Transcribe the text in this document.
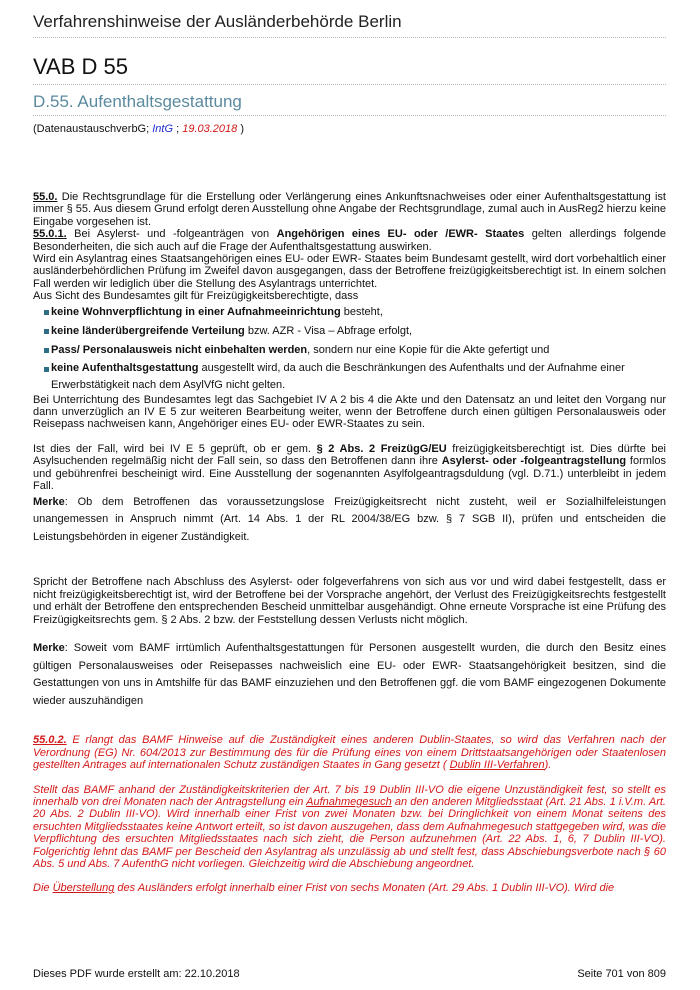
Verfahrenshinweise der Ausländerbehörde Berlin
VAB D 55
D.55. Aufenthaltsgestattung
(DatenaustauschverbG; IntG ; 19.03.2018 )

55.0. Die Rechtsgrundlage für die Erstellung oder Verlängerung eines Ankunftsnachweises oder einer Aufenthaltsgestattung ist immer § 55. Aus diesem Grund erfolgt deren Ausstellung ohne Angabe der Rechtsgrundlage, zumal auch in AusReg2 hierzu keine Eingabe vorgesehen ist.

55.0.1. Bei Asylerst- und -folgeanträgen von Angehörigen eines EU- oder /EWR- Staates gelten allerdings folgende Besonderheiten, die sich auch auf die Frage der Aufenthaltsgestattung auswirken.

Wird ein Asylantrag eines Staatsangehörigen eines EU- oder EWR- Staates beim Bundesamt gestellt, wird dort vorbehaltlich einer ausländerbehördlichen Prüfung im Zweifel davon ausgegangen, dass der Betroffene freizügigkeitsberechtigt ist. In einem solchen Fall werden wir lediglich über die Stellung des Asylantrags unterrichtet.

Aus Sicht des Bundesamtes gilt für Freizügigkeitsberechtigte, dass

keine Wohnverpflichtung in einer Aufnahmeeinrichtung besteht,
keine länderübergreifende Verteilung bzw. AZR - Visa – Abfrage erfolgt,
Pass/ Personalausweis nicht einbehalten werden, sondern nur eine Kopie für die Akte gefertigt und
keine Aufenthaltsgestattung ausgestellt wird, da auch die Beschränkungen des Aufenthalts und der Aufnahme einer Erwerbstätigkeit nach dem AsylVfG nicht gelten.

Bei Unterrichtung des Bundesamtes legt das Sachgebiet IV A 2 bis 4 die Akte und den Datensatz an und leitet den Vorgang nur dann unverzüglich an IV E 5 zur weiteren Bearbeitung weiter, wenn der Betroffene durch einen gültigen Personalausweis oder Reisepass nachweisen kann, Angehöriger eines EU- oder EWR-Staates zu sein.

Ist dies der Fall, wird bei IV E 5 geprüft, ob er gem. § 2 Abs. 2 FreizügG/EU freizügigkeitsberechtigt ist. Dies dürfte bei Asylsuchenden regelmäßig nicht der Fall sein, so dass den Betroffenen dann ihre Asylerst- oder -folgeantragstellung formlos und gebührenfrei bescheinigt wird. Eine Ausstellung der sogenannten Asylfolgeantragsduldung (vgl. D.71.) unterbleibt in jedem Fall.

Merke: Ob dem Betroffenen das voraussetzungslose Freizügigkeitsrecht nicht zusteht, weil er Sozialhilfeleistungen unangemessen in Anspruch nimmt (Art. 14 Abs. 1 der RL 2004/38/EG bzw. § 7 SGB II), prüfen und entscheiden die Leistungsbehörden in eigener Zuständigkeit.

Spricht der Betroffene nach Abschluss des Asylerst- oder folgeverfahrens von sich aus vor und wird dabei festgestellt, dass er nicht freizügigkeitsberechtigt ist, wird der Betroffene bei der Vorsprache angehört, der Verlust des Freizügigkeitsrechts festgestellt und erhält der Betroffene den entsprechenden Bescheid unmittelbar ausgehändigt. Ohne erneute Vorsprache ist eine Prüfung des Freizügigkeitsrechts gem. § 2 Abs. 2 bzw. der Feststellung dessen Verlusts nicht möglich.

Merke: Soweit vom BAMF irrtümlich Aufenthaltsgestattungen für Personen ausgestellt wurden, die durch den Besitz eines gültigen Personalausweises oder Reisepasses nachweislich eine EU- oder EWR- Staatsangehörigkeit besitzen, sind die Gestattungen von uns in Amtshilfe für das BAMF einzuziehen und den Betroffenen ggf. die vom BAMF eingezogenen Dokumente wieder auszuhändigen

55.0.2. E rlangt das BAMF Hinweise auf die Zuständigkeit eines anderen Dublin-Staates, so wird das Verfahren nach der Verordnung (EG) Nr. 604/2013 zur Bestimmung des für die Prüfung eines von einem Drittstaatsangehörigen oder Staatenlosen gestellten Antrages auf internationalen Schutz zuständigen Staates in Gang gesetzt ( Dublin III-Verfahren).

Stellt das BAMF anhand der Zuständigkeitskriterien der Art. 7 bis 19 Dublin III-VO die eigene Unzuständigkeit fest, so stellt es innerhalb von drei Monaten nach der Antragstellung ein Aufnahmegesuch an den anderen Mitgliedsstaat (Art. 21 Abs. 1 i.V.m. Art. 20 Abs. 2 Dublin III-VO). Wird innerhalb einer Frist von zwei Monaten bzw. bei Dringlichkeit von einem Monat seitens des ersuchten Mitgliedsstaates keine Antwort erteilt, so ist davon auszugehen, dass dem Aufnahmegesuch stattgegeben wird, was die Verpflichtung des ersuchten Mitgliedsstaates nach sich zieht, die Person aufzunehmen (Art. 22 Abs. 1, 6, 7 Dublin III-VO). Folgerichtig lehnt das BAMF per Bescheid den Asylantrag als unzulässig ab und stellt fest, dass Abschiebungsverbote nach § 60 Abs. 5 und Abs. 7 AufenthG nicht vorliegen. Gleichzeitig wird die Abschiebung angeordnet.

Die Überstellung des Ausländers erfolgt innerhalb einer Frist von sechs Monaten (Art. 29 Abs. 1 Dublin III-VO). Wird die

Dieses PDF wurde erstellt am: 22.10.2018	Seite 701 von 809
